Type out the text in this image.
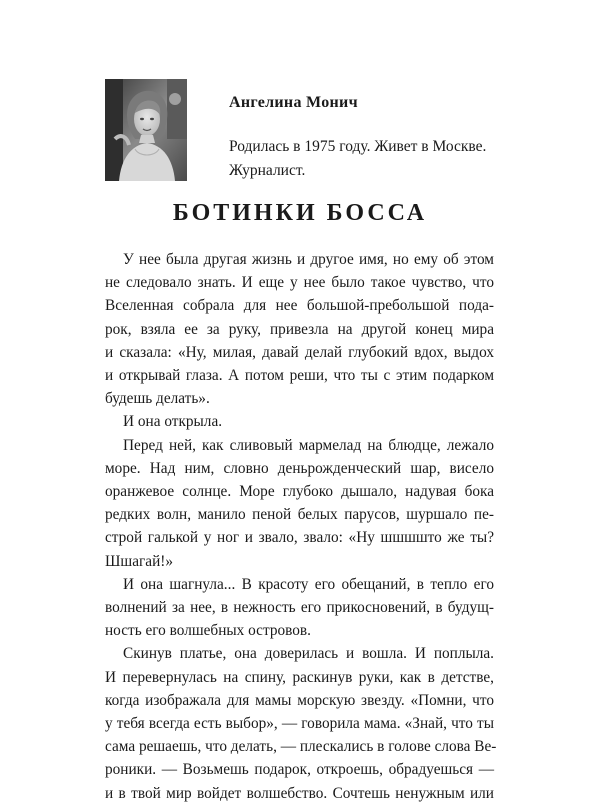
Ангелина Монич

Родилась в 1975 году. Живет в Москве.
Журналист.
БОТИНКИ БОССА

У нее была другая жизнь и другое имя, но ему об этом
не следовало знать. И еще у нее было такое чувство, что
Вселенная собрала для нее большой-пребольшой пода-
рок, взяла ее за руку, привезла на другой конец мира
и сказала: «Ну, милая, давай делай глубокий вдох, выдох
и открывай глаза. А потом реши, что ты с этим подарком
будешь делать».

И она открыла.

Перед ней, как сливовый мармелад на блюдце, лежало
море. Над ним, словно деньрожденческий шар, висело
оранжевое солнце. Море глубоко дышало, надувая бока
редких волн, манило пеной белых парусов, шуршало пе-
строй галькой у ног и звало, звало: «Ну шшшшто же ты?
Шшагай!»

И она шагнула... В красоту его обещаний, в тепло его
волнений за нее, в нежность его прикосновений, в будущ-
ность его волшебных островов.

Скинув платье, она доверилась и вошла. И поплыла.
И перевернулась на спину, раскинув руки, как в детстве,
когда изображала для мамы морскую звезду. «Помни, что
у тебя всегда есть выбор», — говорила мама. «Знай, что ты
сама решаешь, что делать, — плескались в голове слова Ве-
роники. — Возьмешь подарок, откроешь, обрадуешься —
и в твой мир войдет волшебство. Сочтешь ненужным или
